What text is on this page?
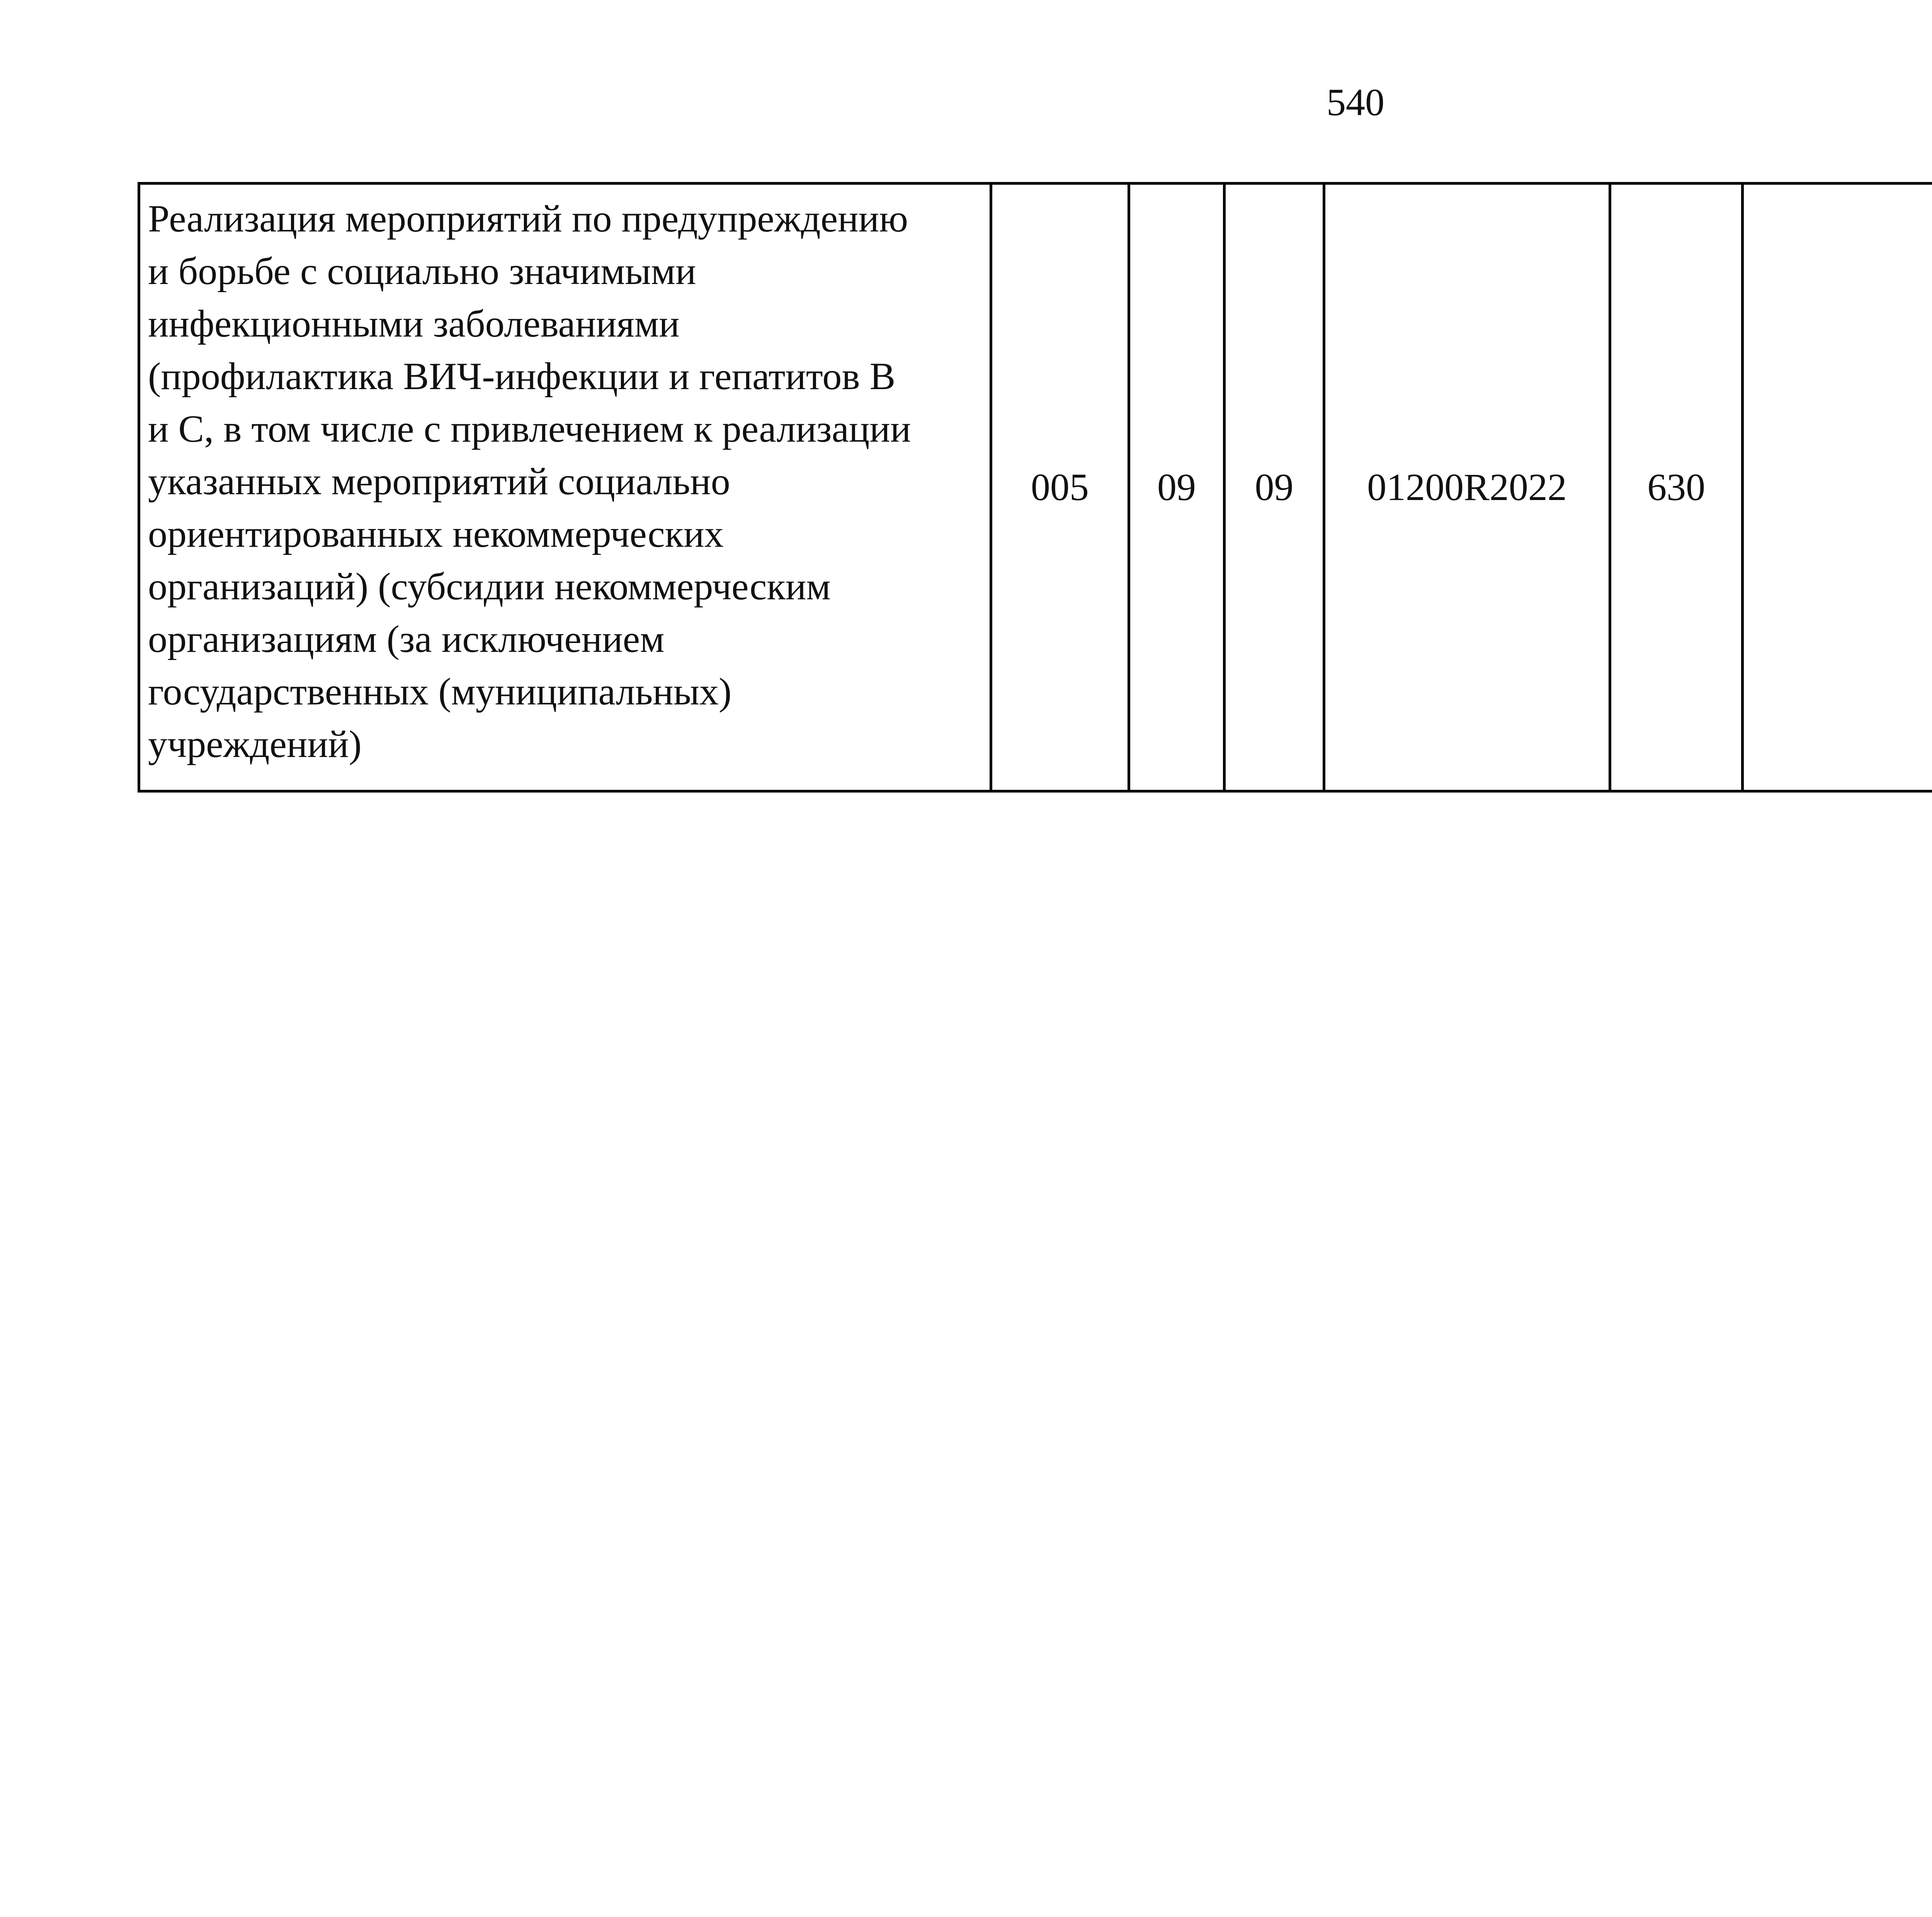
540
Реализация мероприятий по предупреждению
и борьбе с социально значимыми
инфекционными заболеваниями
(профилактика ВИЧ-инфекции и гепатитов В
и С, в том числе с привлечением к реализации
указанных мероприятий социально
ориентированных некоммерческих
организаций) (субсидии некоммерческим
организациям (за исключением
государственных (муниципальных)
учреждений)
	005	09	09	01200R2022	630			
